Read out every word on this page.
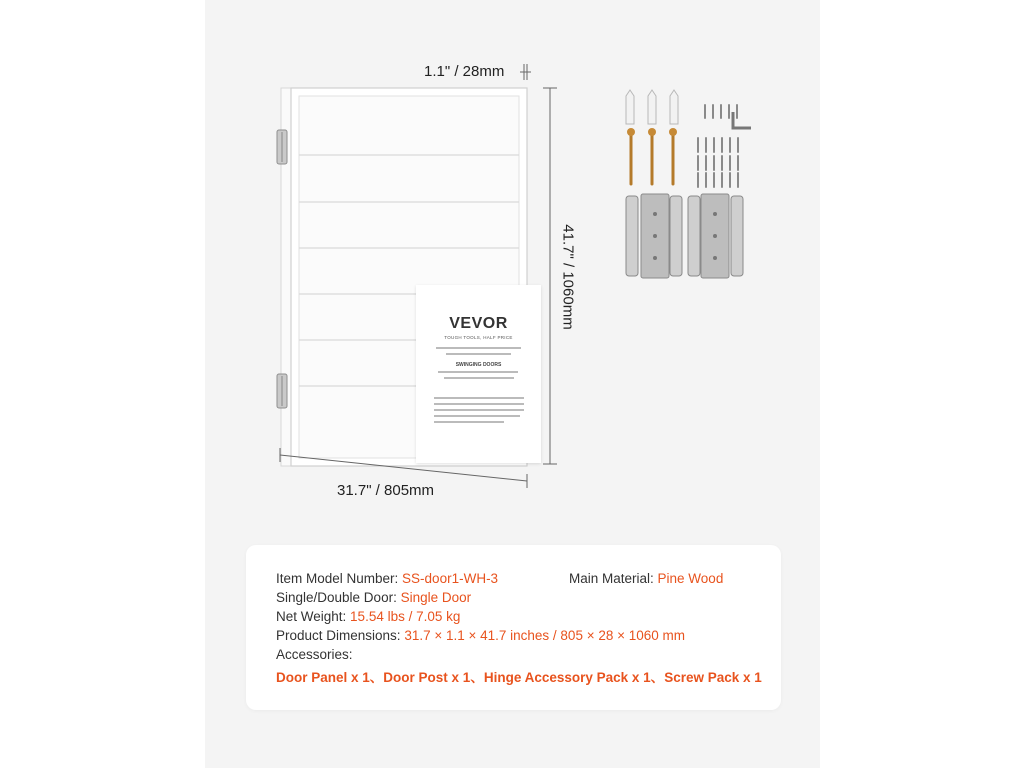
1.1" / 28mm
41.7" / 1060mm
31.7" / 805mm
VEVOR
TOUGH TOOLS, HALF PRICE
SWINGING DOORS
Item Model Number: SS-door1-WH-3	Main Material: Pine Wood
Single/Double Door: Single Door
Net Weight: 15.54 lbs / 7.05 kg
Product Dimensions: 31.7 × 1.1 × 41.7 inches / 805 × 28 × 1060 mm
Accessories:
Door Panel x 1、Door Post x 1、Hinge Accessory Pack x 1、Screw Pack x 1
